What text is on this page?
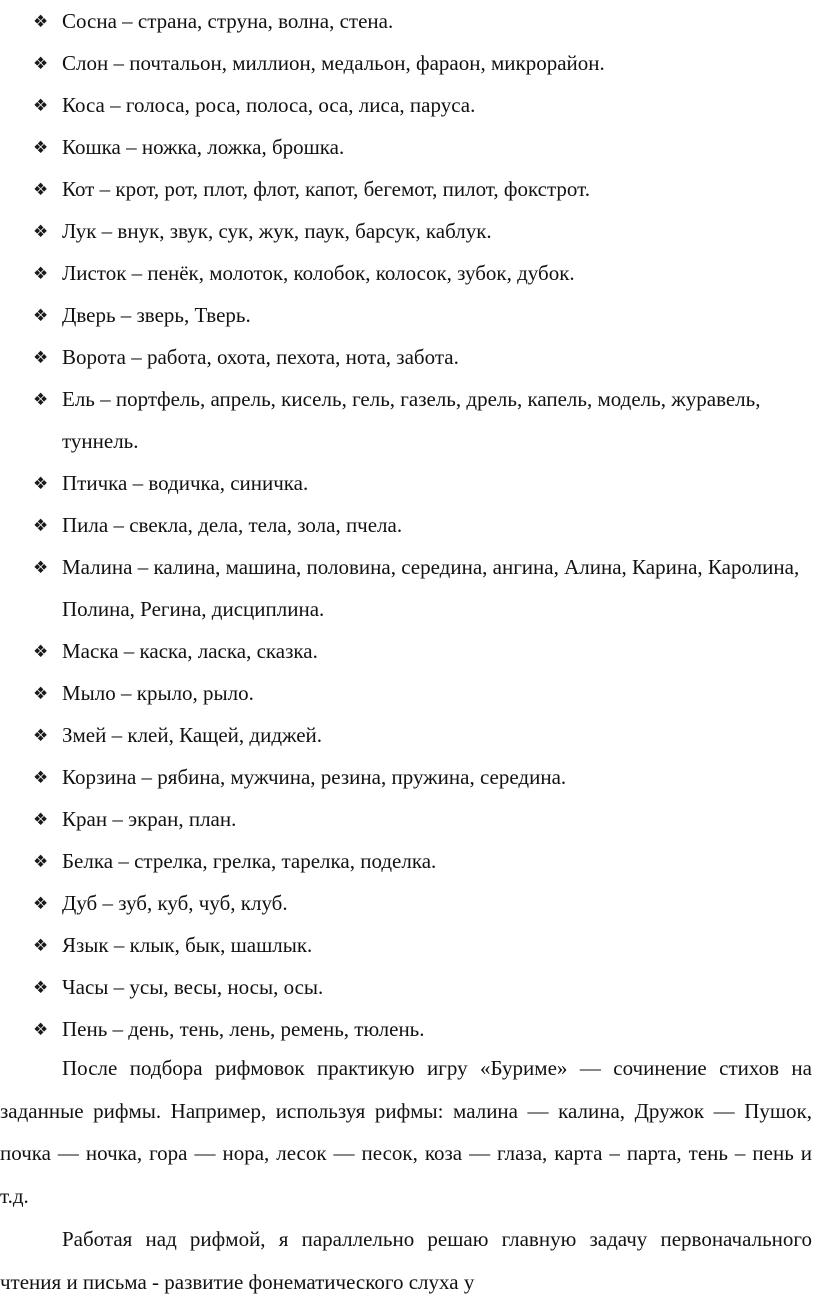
❖ Сосна – страна, струна, волна, стена.
❖ Слон – почтальон, миллион, медальон, фараон, микрорайон.
❖ Коса – голоса, роса, полоса, оса, лиса, паруса.
❖ Кошка – ножка, ложка, брошка.
❖ Кот – крот, рот, плот, флот, капот, бегемот, пилот, фокстрот.
❖ Лук – внук, звук, сук, жук, паук, барсук, каблук.
❖ Листок – пенёк, молоток, колобок, колосок, зубок, дубок.
❖ Дверь – зверь, Тверь.
❖ Ворота – работа, охота, пехота, нота, забота.
❖ Ель – портфель, апрель, кисель, гель, газель, дрель, капель, модель, журавель, туннель.
❖ Птичка – водичка, синичка.
❖ Пила – свекла, дела, тела, зола, пчела.
❖ Малина – калина, машина, половина, середина, ангина, Алина, Карина, Каролина, Полина, Регина, дисциплина.
❖ Маска – каска, ласка, сказка.
❖ Мыло – крыло, рыло.
❖ Змей – клей, Кащей, диджей.
❖ Корзина – рябина, мужчина, резина, пружина, середина.
❖ Кран – экран, план.
❖ Белка – стрелка, грелка, тарелка, поделка.
❖ Дуб – зуб, куб, чуб, клуб.
❖ Язык – клык, бык, шашлык.
❖ Часы – усы, весы, носы, осы.
❖ Пень – день, тень, лень, ремень, тюлень.

После подбора рифмовок практикую игру «Буриме» — сочинение стихов на заданные рифмы. Например, используя рифмы: малина — калина, Дружок — Пушок, почка — ночка, гора — нора, лесок — песок, коза — глаза, карта – парта, тень – пень и т.д.

Работая над рифмой, я параллельно решаю главную задачу первоначального чтения и письма - развитие фонематического слуха у
